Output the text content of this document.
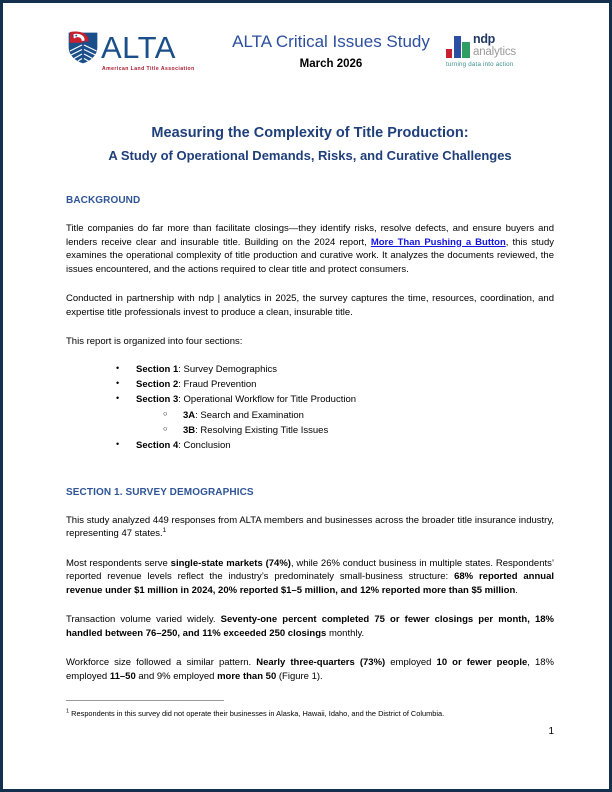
ALTA
American Land Title Association
ALTA Critical Issues Study
March 2026
ndp
analytics
turning data into action
Measuring the Complexity of Title Production:
A Study of Operational Demands, Risks, and Curative Challenges
BACKGROUND

Title companies do far more than facilitate closings—they identify risks, resolve defects, and ensure buyers and lenders receive clear and insurable title. Building on the 2024 report, More Than Pushing a Button, this study examines the operational complexity of title production and curative work. It analyzes the documents reviewed, the issues encountered, and the actions required to clear title and protect consumers.

Conducted in partnership with ndp | analytics in 2025, the survey captures the time, resources, coordination, and expertise title professionals invest to produce a clean, insurable title.

This report is organized into four sections:

• Section 1: Survey Demographics
• Section 2: Fraud Prevention
• Section 3: Operational Workflow for Title Production
○ 3A: Search and Examination
○ 3B: Resolving Existing Title Issues
• Section 4: Conclusion
SECTION 1. SURVEY DEMOGRAPHICS

This study analyzed 449 responses from ALTA members and businesses across the broader title insurance industry, representing 47 states.$^1$

Most respondents serve single-state markets (74%), while 26% conduct business in multiple states. Respondents’ reported revenue levels reflect the industry’s predominately small-business structure: 68% reported annual revenue under $1 million in 2024, 20% reported $1–5 million, and 12% reported more than $5 million.

Transaction volume varied widely. Seventy-one percent completed 75 or fewer closings per month, 18% handled between 76–250, and 11% exceeded 250 closings monthly.

Workforce size followed a similar pattern. Nearly three-quarters (73%) employed 10 or fewer people, 18% employed 11–50 and 9% employed more than 50 (Figure 1).

$^1$ Respondents in this survey did not operate their businesses in Alaska, Hawaii, Idaho, and the District of Columbia.
1
